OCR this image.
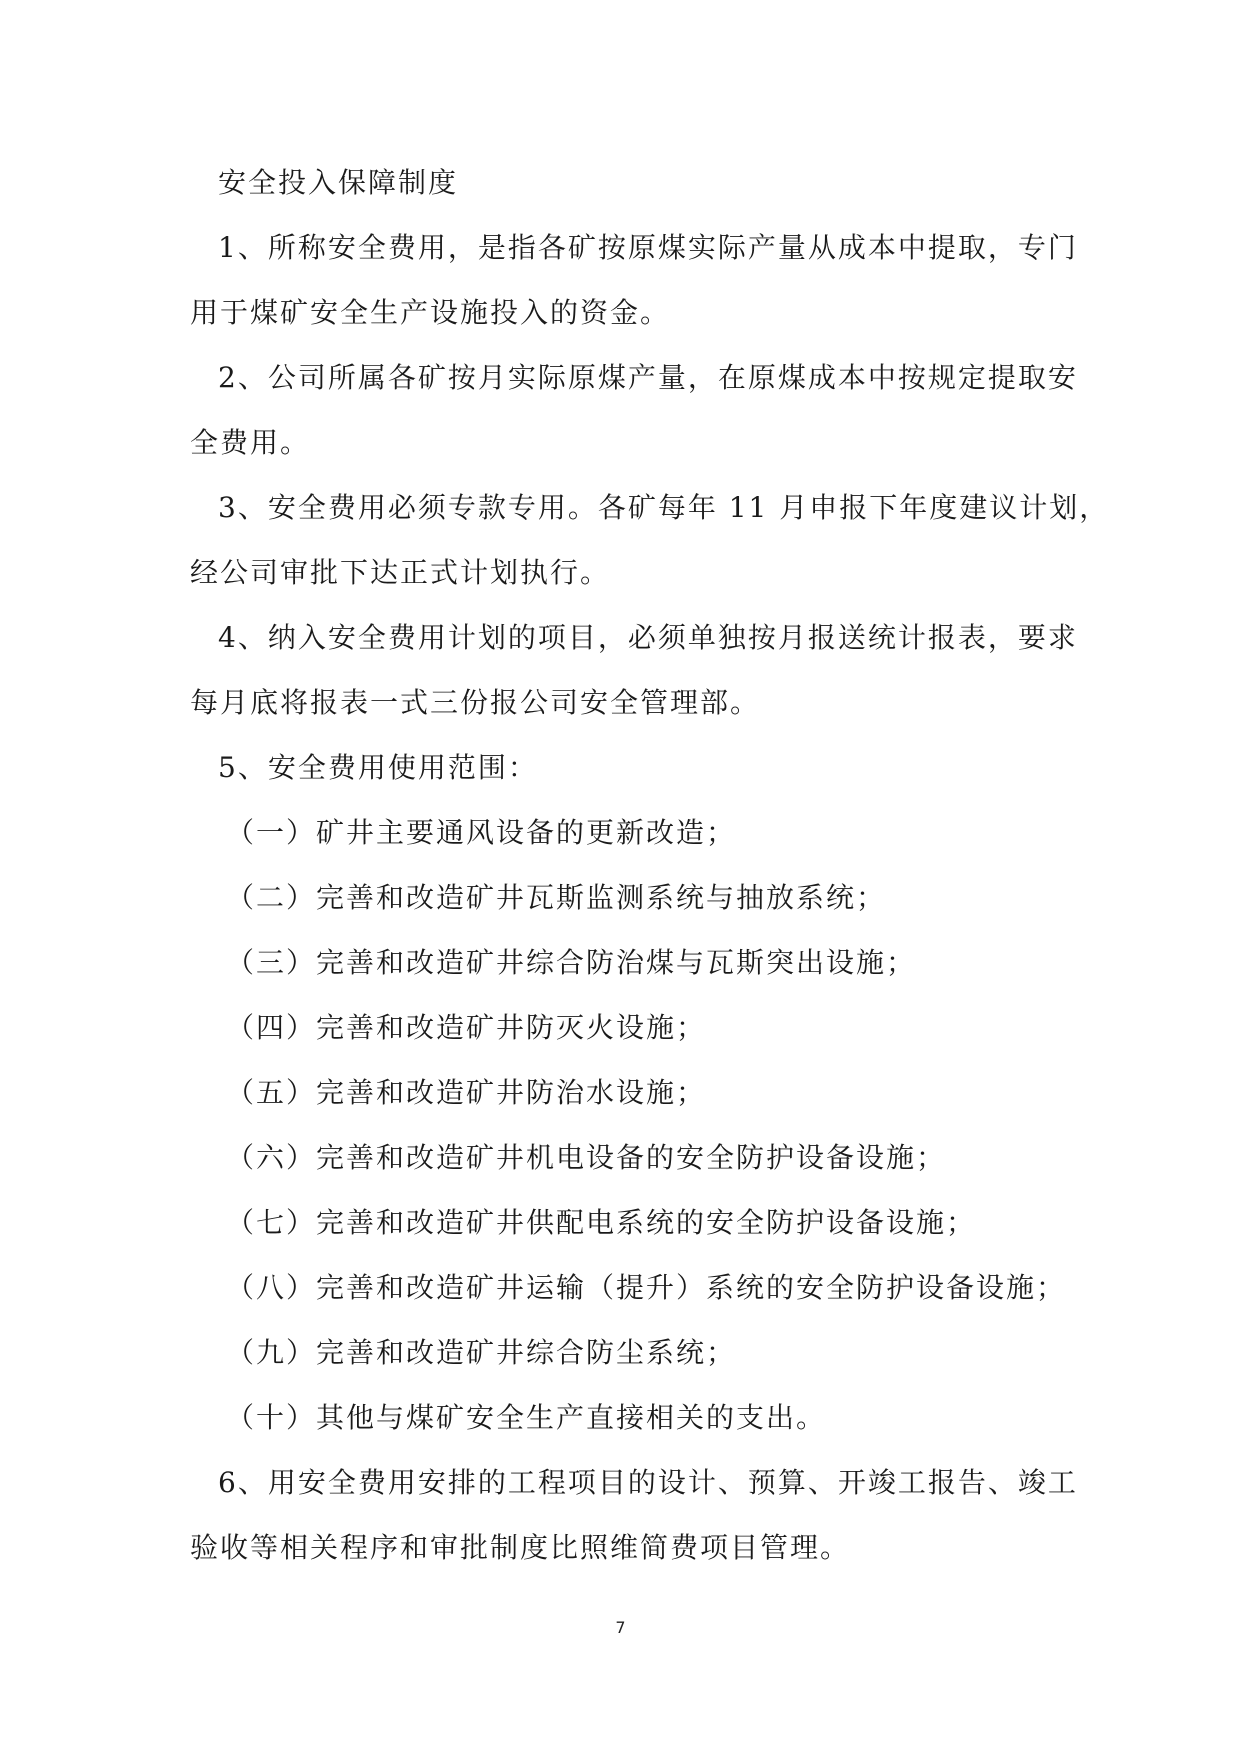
安全投入保障制度
1、所称安全费用，是指各矿按原煤实际产量从成本中提取，专门
用于煤矿安全生产设施投入的资金。
2、公司所属各矿按月实际原煤产量，在原煤成本中按规定提取安
全费用。
3、安全费用必须专款专用。各矿每年 11 月申报下年度建议计划，
经公司审批下达正式计划执行。
4、纳入安全费用计划的项目，必须单独按月报送统计报表，要求
每月底将报表一式三份报公司安全管理部。
5、安全费用使用范围：
（一）矿井主要通风设备的更新改造；
（二）完善和改造矿井瓦斯监测系统与抽放系统；
（三）完善和改造矿井综合防治煤与瓦斯突出设施；
（四）完善和改造矿井防灭火设施；
（五）完善和改造矿井防治水设施；
（六）完善和改造矿井机电设备的安全防护设备设施；
（七）完善和改造矿井供配电系统的安全防护设备设施；
（八）完善和改造矿井运输（提升）系统的安全防护设备设施；
（九）完善和改造矿井综合防尘系统；
（十）其他与煤矿安全生产直接相关的支出。
6、用安全费用安排的工程项目的设计、预算、开竣工报告、竣工
验收等相关程序和审批制度比照维简费项目管理。
7
